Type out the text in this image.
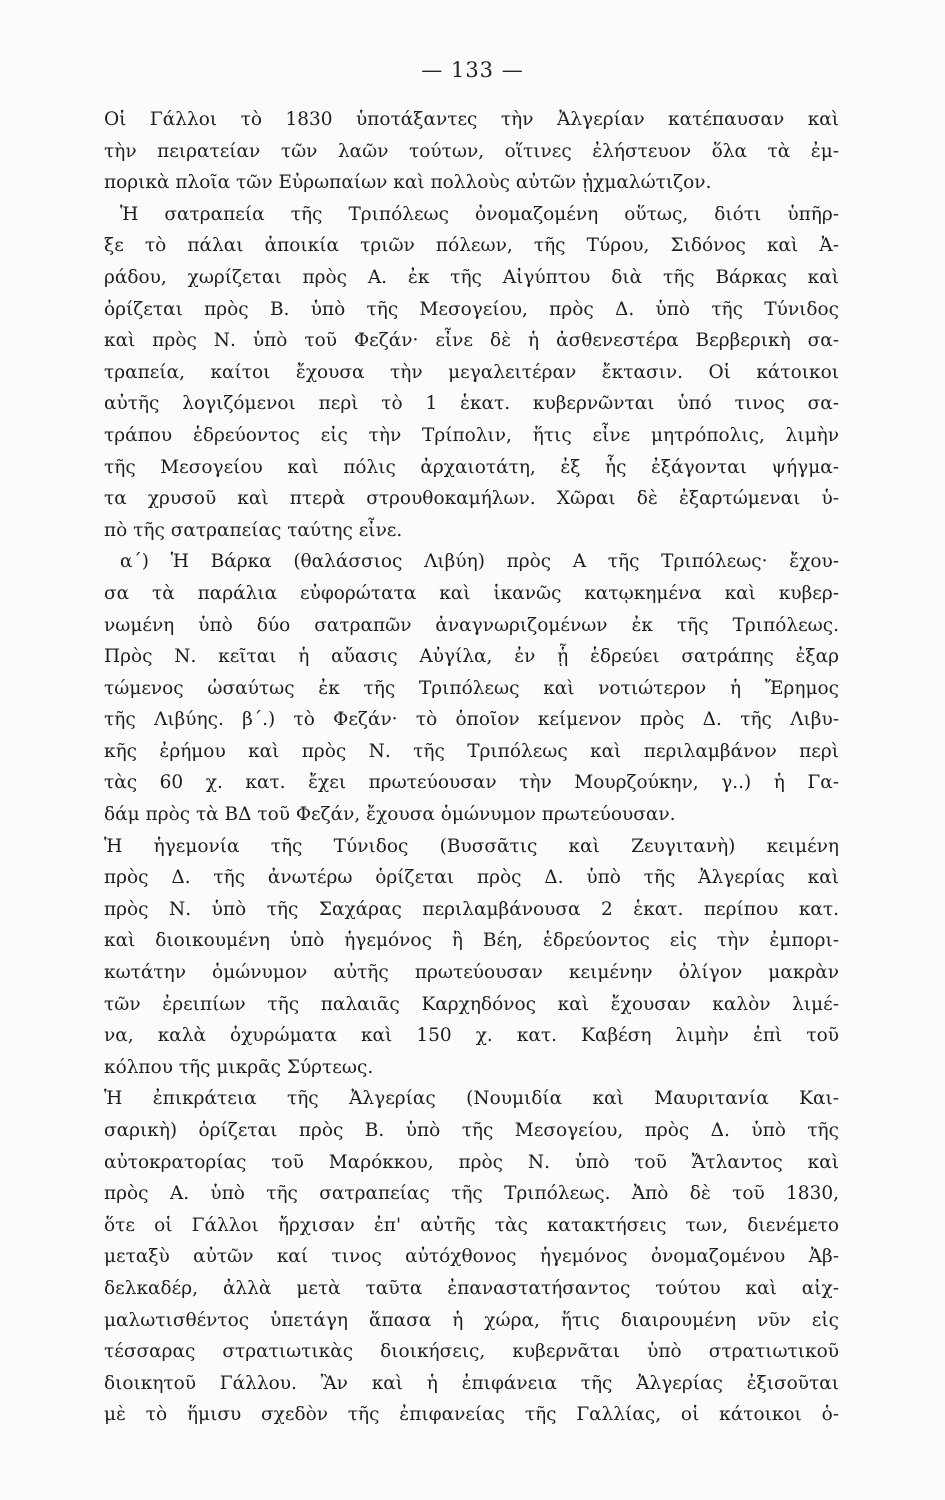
— 133 —
Οἱ Γάλλοι τὸ 1830 ὑποτάξαντες τὴν Ἀλγερίαν κατέπαυσαν καὶ
τὴν πειρατείαν τῶν λαῶν τούτων, οἵτινες ἐλήστευον ὅλα τὰ ἐμ-
πορικὰ πλοῖα τῶν Εὐρωπαίων καὶ πολλοὺς αὐτῶν ᾐχμαλώτιζον.
Ἡ σατραπεία τῆς Τριπόλεως ὀνομαζομένη οὕτως, διότι ὑπῆρ-
ξε τὸ πάλαι ἀποικία τριῶν πόλεων, τῆς Τύρου, Σιδόνος καὶ Ἀ-
ράδου, χωρίζεται πρὸς Α. ἐκ τῆς Αἰγύπτου διὰ τῆς Βάρκας καὶ
ὁρίζεται πρὸς Β. ὑπὸ τῆς Μεσογείου, πρὸς Δ. ὑπὸ τῆς Τύνιδος
καὶ πρὸς Ν. ὑπὸ τοῦ Φεζάν· εἶνε δὲ ἡ ἀσθενεστέρα Βερβερικὴ σα-
τραπεία, καίτοι ἔχουσα τὴν μεγαλειτέραν ἔκτασιν. Οἱ κάτοικοι
αὐτῆς λογιζόμενοι περὶ τὸ 1 ἑκατ. κυβερνῶνται ὑπό τινος σα-
τράπου ἑδρεύοντος εἰς τὴν Τρίπολιν, ἥτις εἶνε μητρόπολις, λιμὴν
τῆς Μεσογείου καὶ πόλις ἀρχαιοτάτη, ἐξ ἧς ἐξάγονται ψήγμα-
τα χρυσοῦ καὶ πτερὰ στρουθοκαμήλων. Χῶραι δὲ ἐξαρτώμεναι ὑ-
πὸ τῆς σατραπείας ταύτης εἶνε.
α΄) Ἡ Βάρκα (θαλάσσιος Λιβύη) πρὸς Α τῆς Τριπόλεως· ἔχου-
σα τὰ παράλια εὐφορώτατα καὶ ἱκανῶς κατῳκημένα καὶ κυβερ-
νωμένη ὑπὸ δύο σατραπῶν ἀναγνωριζομένων ἐκ τῆς Τριπόλεως.
Πρὸς Ν. κεῖται ἡ αὔασις Αὐγίλα, ἐν ᾗ ἑδρεύει σατράπης ἐξαρ
τώμενος ὡσαύτως ἐκ τῆς Τριπόλεως καὶ νοτιώτερον ἡ Ἔρημος
τῆς Λιβύης. β΄.) τὸ Φεζάν· τὸ ὁποῖον κείμενον πρὸς Δ. τῆς Λιβυ-
κῆς ἐρήμου καὶ πρὸς Ν. τῆς Τριπόλεως καὶ περιλαμβάνον περὶ
τὰς 60 χ. κατ. ἔχει πρωτεύουσαν τὴν Μουρζούκην, γ..) ἡ Γα-
δάμ πρὸς τὰ ΒΔ τοῦ Φεζάν, ἔχουσα ὁμώνυμον πρωτεύουσαν.
Ἡ ἡγεμονία τῆς Τύνιδος (Βυσσᾶτις καὶ Ζευγιτανὴ) κειμένη
πρὸς Δ. τῆς ἀνωτέρω ὁρίζεται πρὸς Δ. ὑπὸ τῆς Ἀλγερίας καὶ
πρὸς Ν. ὑπὸ τῆς Σαχάρας περιλαμβάνουσα 2 ἑκατ. περίπου κατ.
καὶ διοικουμένη ὑπὸ ἡγεμόνος ἢ Βέη, ἑδρεύοντος εἰς τὴν ἐμπορι-
κωτάτην ὁμώνυμον αὐτῆς πρωτεύουσαν κειμένην ὀλίγον μακρὰν
τῶν ἐρειπίων τῆς παλαιᾶς Καρχηδόνος καὶ ἔχουσαν καλὸν λιμέ-
να, καλὰ ὀχυρώματα καὶ 150 χ. κατ. Καβέση λιμὴν ἐπὶ τοῦ
κόλπου τῆς μικρᾶς Σύρτεως.
Ἡ ἐπικράτεια τῆς Ἀλγερίας (Νουμιδία καὶ Μαυριτανία Και-
σαρικὴ) ὁρίζεται πρὸς Β. ὑπὸ τῆς Μεσογείου, πρὸς Δ. ὑπὸ τῆς
αὐτοκρατορίας τοῦ Μαρόκκου, πρὸς Ν. ὑπὸ τοῦ Ἄτλαντος καὶ
πρὸς Α. ὑπὸ τῆς σατραπείας τῆς Τριπόλεως. Ἀπὸ δὲ τοῦ 1830,
ὅτε οἱ Γάλλοι ἤρχισαν ἐπ' αὐτῆς τὰς κατακτήσεις των, διενέμετο
μεταξὺ αὐτῶν καί τινος αὐτόχθονος ἡγεμόνος ὀνομαζομένου Ἀβ-
δελκαδέρ, ἀλλὰ μετὰ ταῦτα ἐπαναστατήσαντος τούτου καὶ αἰχ-
μαλωτισθέντος ὑπετάγη ἅπασα ἡ χώρα, ἥτις διαιρουμένη νῦν εἰς
τέσσαρας στρατιωτικὰς διοικήσεις, κυβερνᾶται ὑπὸ στρατιωτικοῦ
διοικητοῦ Γάλλου. Ἂν καὶ ἡ ἐπιφάνεια τῆς Ἀλγερίας ἐξισοῦται
μὲ τὸ ἥμισυ σχεδὸν τῆς ἐπιφανείας τῆς Γαλλίας, οἱ κάτοικοι ὁ-
